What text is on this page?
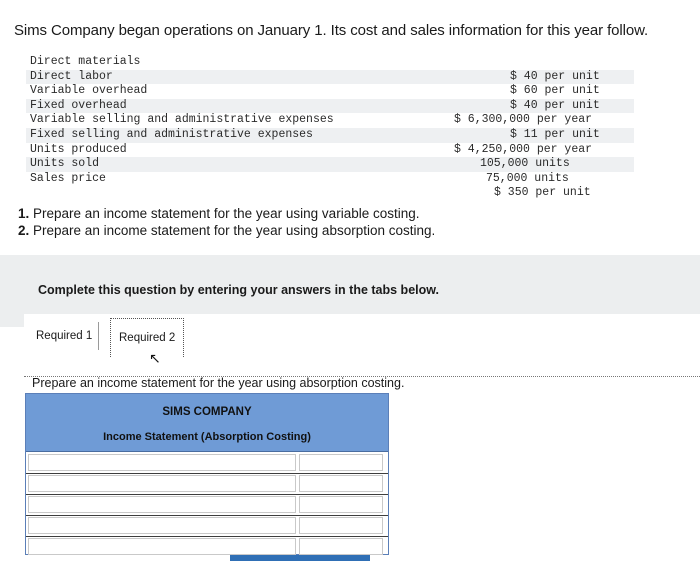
Sims Company began operations on January 1. Its cost and sales information for this year follow.
Direct materials
Direct labor	$ 40 per unit
Variable overhead	$ 60 per unit
Fixed overhead	$ 40 per unit
Variable selling and administrative expenses	$ 6,300,000 per year
Fixed selling and administrative expenses	$ 11 per unit
Units produced	$ 4,250,000 per year
Units sold	105,000 units
Sales price	75,000 units
$ 350 per unit
1. Prepare an income statement for the year using variable costing.
2. Prepare an income statement for the year using absorption costing.
Complete this question by entering your answers in the tabs below.
Required 1	Required 2
↖
Prepare an income statement for the year using absorption costing.
SIMS COMPANY
Income Statement (Absorption Costing)
